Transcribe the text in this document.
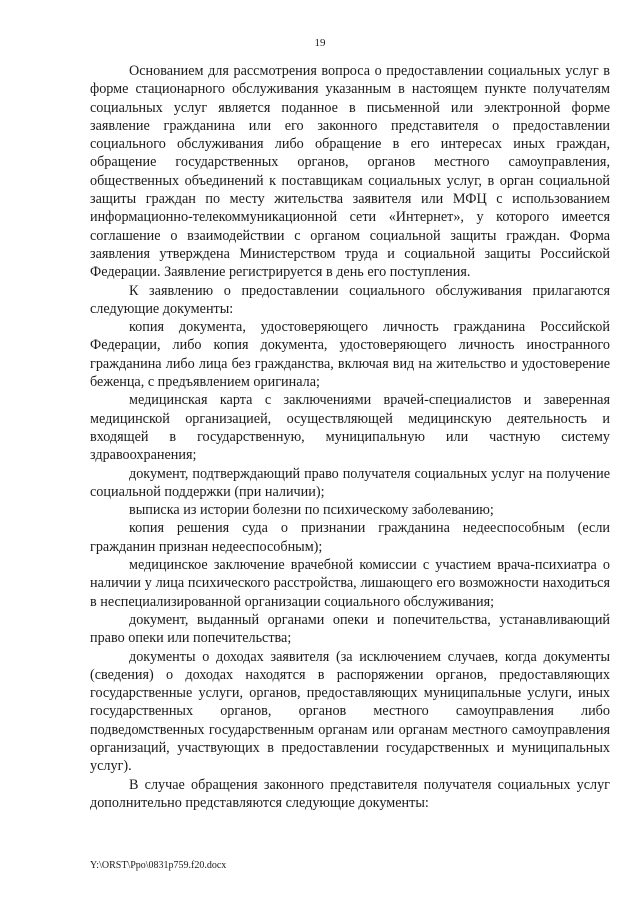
19

Основанием для рассмотрения вопроса о предоставлении социальных услуг в форме стационарного обслуживания указанным в настоящем пункте получателям социальных услуг является поданное в письменной или электронной форме заявление гражданина или его законного представителя о предоставлении социального обслуживания либо обращение в его интересах иных граждан, обращение государственных органов, органов местного самоуправления, общественных объединений к поставщикам социальных услуг, в орган социальной защиты граждан по месту жительства заявителя или МФЦ с использованием информационно-телекоммуникационной сети «Интернет», у которого имеется соглашение о взаимодействии с органом социальной защиты граждан. Форма заявления утверждена Министерством труда и социальной защиты Российской Федерации. Заявление регистрируется в день его поступления.

К заявлению о предоставлении социального обслуживания прилагаются следующие документы:

копия документа, удостоверяющего личность гражданина Российской Федерации, либо копия документа, удостоверяющего личность иностранного гражданина либо лица без гражданства, включая вид на жительство и удостоверение беженца, с предъявлением оригинала;

медицинская карта с заключениями врачей-специалистов и заверенная медицинской организацией, осуществляющей медицинскую деятельность и входящей в государственную, муниципальную или частную систему здравоохранения;

документ, подтверждающий право получателя социальных услуг на получение социальной поддержки (при наличии);

выписка из истории болезни по психическому заболеванию;

копия решения суда о признании гражданина недееспособным (если гражданин признан недееспособным);

медицинское заключение врачебной комиссии с участием врача-психиатра о наличии у лица психического расстройства, лишающего его возможности находиться в неспециализированной организации социального обслуживания;

документ, выданный органами опеки и попечительства, устанавливающий право опеки или попечительства;

документы о доходах заявителя (за исключением случаев, когда документы (сведения) о доходах находятся в распоряжении органов, предоставляющих государственные услуги, органов, предоставляющих муниципальные услуги, иных государственных органов, органов местного самоуправления либо подведомственных государственным органам или органам местного самоуправления организаций, участвующих в предоставлении государственных и муниципальных услуг).

В случае обращения законного представителя получателя социальных услуг дополнительно представляются следующие документы:

Y:\ORST\Ppo\0831p759.f20.docx
